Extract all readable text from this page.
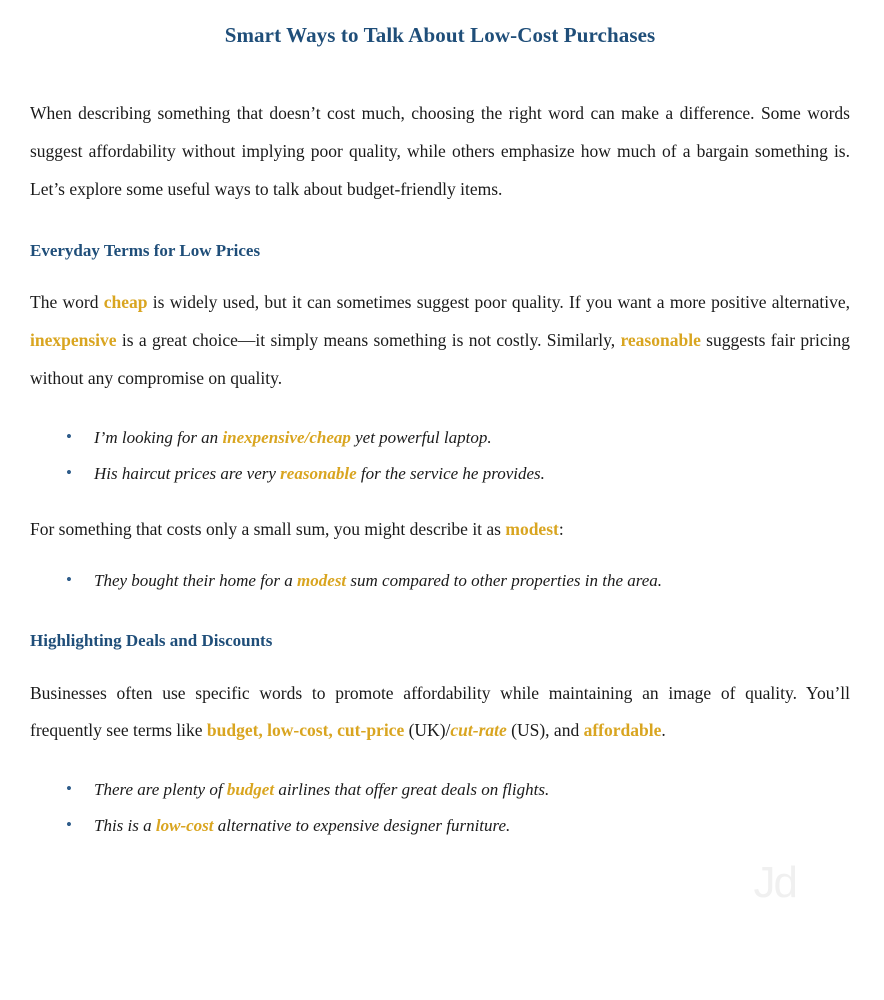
Smart Ways to Talk About Low-Cost Purchases

When describing something that doesn’t cost much, choosing the right word can make a difference. Some words suggest affordability without implying poor quality, while others emphasize how much of a bargain something is. Let’s explore some useful ways to talk about budget-friendly items.

Everyday Terms for Low Prices

The word cheap is widely used, but it can sometimes suggest poor quality. If you want a more positive alternative, inexpensive is a great choice—it simply means something is not costly. Similarly, reasonable suggests fair pricing without any compromise on quality.

• I’m looking for an inexpensive/cheap yet powerful laptop.
• His haircut prices are very reasonable for the service he provides.

For something that costs only a small sum, you might describe it as modest:

• They bought their home for a modest sum compared to other properties in the area.
Highlighting Deals and Discounts

Businesses often use specific words to promote affordability while maintaining an image of quality. You’ll frequently see terms like budget, low-cost, cut-price (UK)/cut-rate (US), and affordable.

• There are plenty of budget airlines that offer great deals on flights.
• This is a low-cost alternative to expensive designer furniture.
Jd
